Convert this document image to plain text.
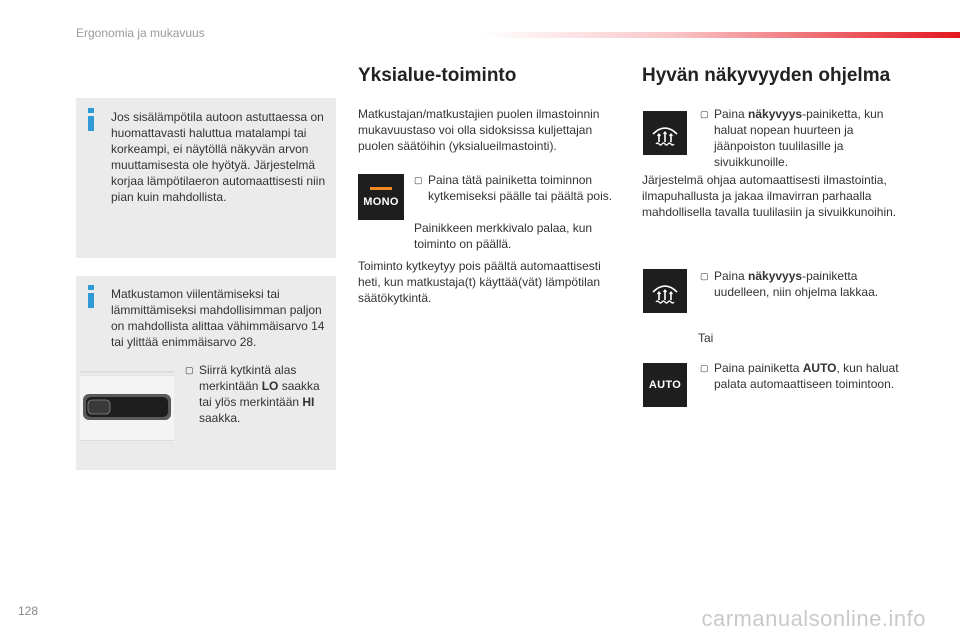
Ergonomia ja mukavuus
Jos sisälämpötila autoon astuttaessa on huomattavasti haluttua matalampi tai korkeampi, ei näytöllä näkyvän arvon muuttamisesta ole hyötyä. Järjestelmä korjaa lämpötilaeron automaattisesti niin pian kuin mahdollista.
Matkustamon viilentämiseksi tai lämmittämiseksi mahdollisimman paljon on mahdollista alittaa vähimmäisarvo 14 tai ylittää enimmäisarvo 28.
▢ Siirrä kytkintä alas merkintään LO saakka tai ylös merkintään HI saakka.
Yksialue-toiminto
Matkustajan/matkustajien puolen ilmastoinnin mukavuustaso voi olla sidoksissa kuljettajan puolen säätöihin (yksialueilmastointi).
MONO
▢ Paina tätä painiketta toiminnon kytkemiseksi päälle tai päältä pois.
Painikkeen merkkivalo palaa, kun toiminto on päällä.
Toiminto kytkeytyy pois päältä automaattisesti heti, kun matkustaja(t) käyttää(vät) lämpötilan säätökytkintä.
Hyvän näkyvyyden ohjelma
▢ Paina näkyvyys-painiketta, kun haluat nopean huurteen ja jäänpoiston tuulilasille ja sivuikkunoille.
Järjestelmä ohjaa automaattisesti ilmastointia, ilmapuhallusta ja jakaa ilmavirran parhaalla mahdollisella tavalla tuulilasiin ja sivuikkunoihin.
▢ Paina näkyvyys-painiketta uudelleen, niin ohjelma lakkaa.
Tai
AUTO
▢ Paina painiketta AUTO, kun haluat palata automaattiseen toimintoon.
128	carmanualsonline.info
